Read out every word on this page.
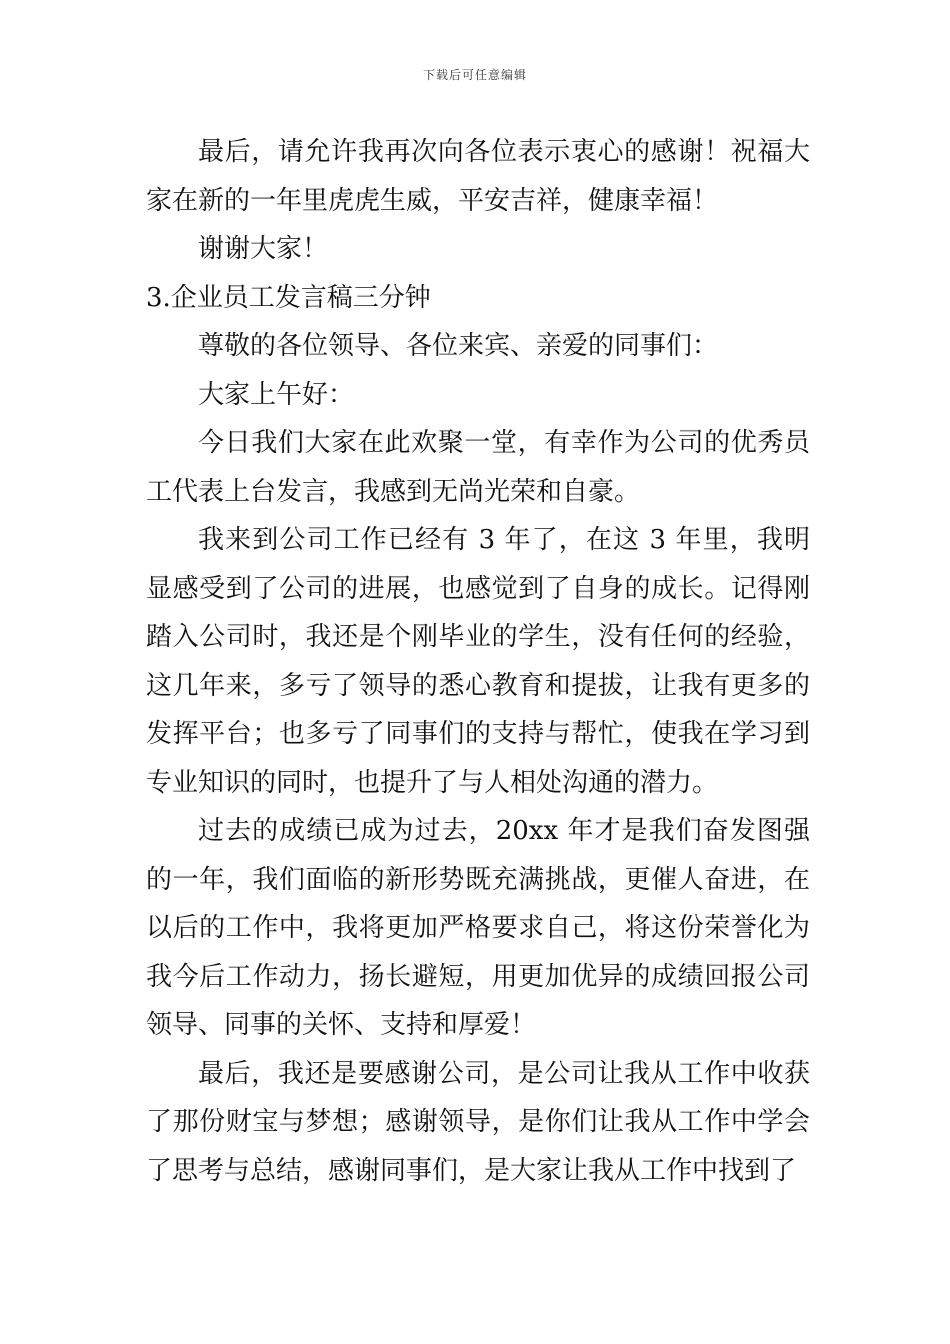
下载后可任意编辑

最后，请允许我再次向各位表示衷心的感谢！祝福大家在新的一年里虎虎生威，平安吉祥，健康幸福！

谢谢大家！

3.企业员工发言稿三分钟

尊敬的各位领导、各位来宾、亲爱的同事们：

大家上午好：

今日我们大家在此欢聚一堂，有幸作为公司的优秀员工代表上台发言，我感到无尚光荣和自豪。

我来到公司工作已经有 3 年了，在这 3 年里，我明显感受到了公司的进展，也感觉到了自身的成长。记得刚踏入公司时，我还是个刚毕业的学生，没有任何的经验，这几年来，多亏了领导的悉心教育和提拔，让我有更多的发挥平台；也多亏了同事们的支持与帮忙，使我在学习到专业知识的同时，也提升了与人相处沟通的潜力。

过去的成绩已成为过去，20xx 年才是我们奋发图强的一年，我们面临的新形势既充满挑战，更催人奋进，在以后的工作中，我将更加严格要求自己，将这份荣誉化为我今后工作动力，扬长避短，用更加优异的成绩回报公司领导、同事的关怀、支持和厚爱！

最后，我还是要感谢公司，是公司让我从工作中收获了那份财宝与梦想；感谢领导，是你们让我从工作中学会了思考与总结，感谢同事们，是大家让我从工作中找到了
